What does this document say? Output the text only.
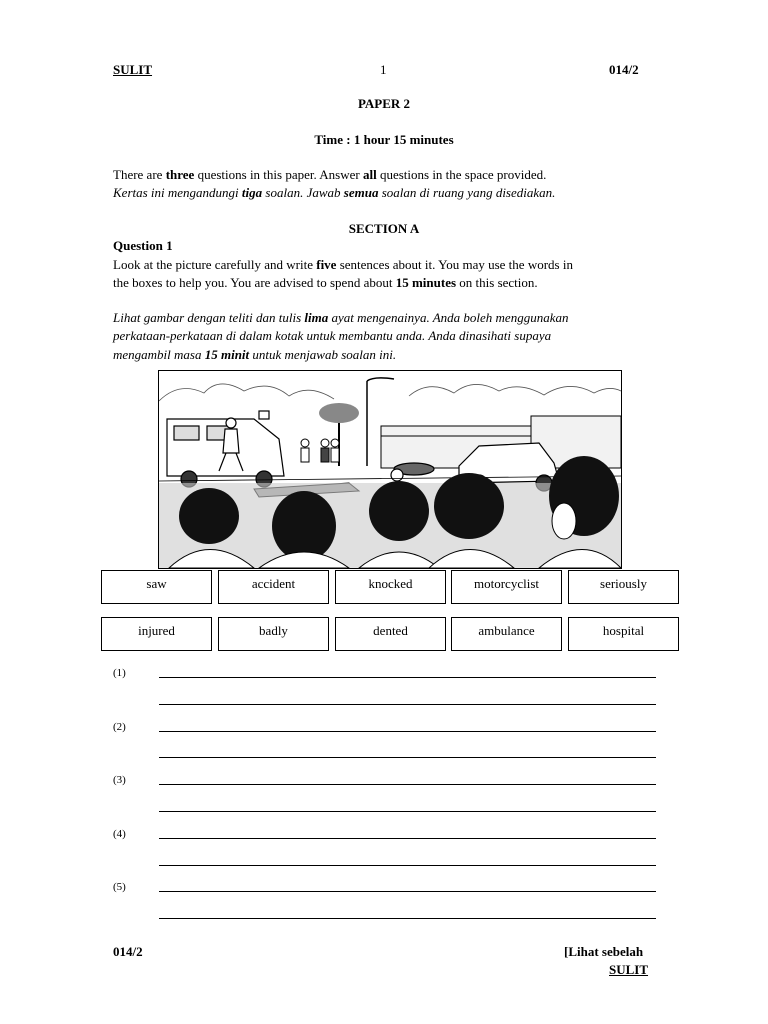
SULIT	1	014/2
PAPER 2
Time : 1 hour 15 minutes
There are three questions in this paper. Answer all questions in the space provided.
Kertas ini mengandungi tiga soalan. Jawab semua soalan di ruang yang disediakan.
SECTION A
Question 1
Look at the picture carefully and write five sentences about it. You may use the words in
the boxes to help you. You are advised to spend about 15 minutes on this section.
Lihat gambar dengan teliti dan tulis lima ayat mengenainya. Anda boleh menggunakan
perkataan-perkataan di dalam kotak untuk membantu anda. Anda dinasihati supaya
mengambil masa 15 minit untuk menjawab soalan ini.
saw	accident	knocked	motorcyclist	seriously
injured	badly	dented	ambulance	hospital
(1)
(2)
(3)
(4)
(5)
014/2	[Lihat sebelah
SULIT
